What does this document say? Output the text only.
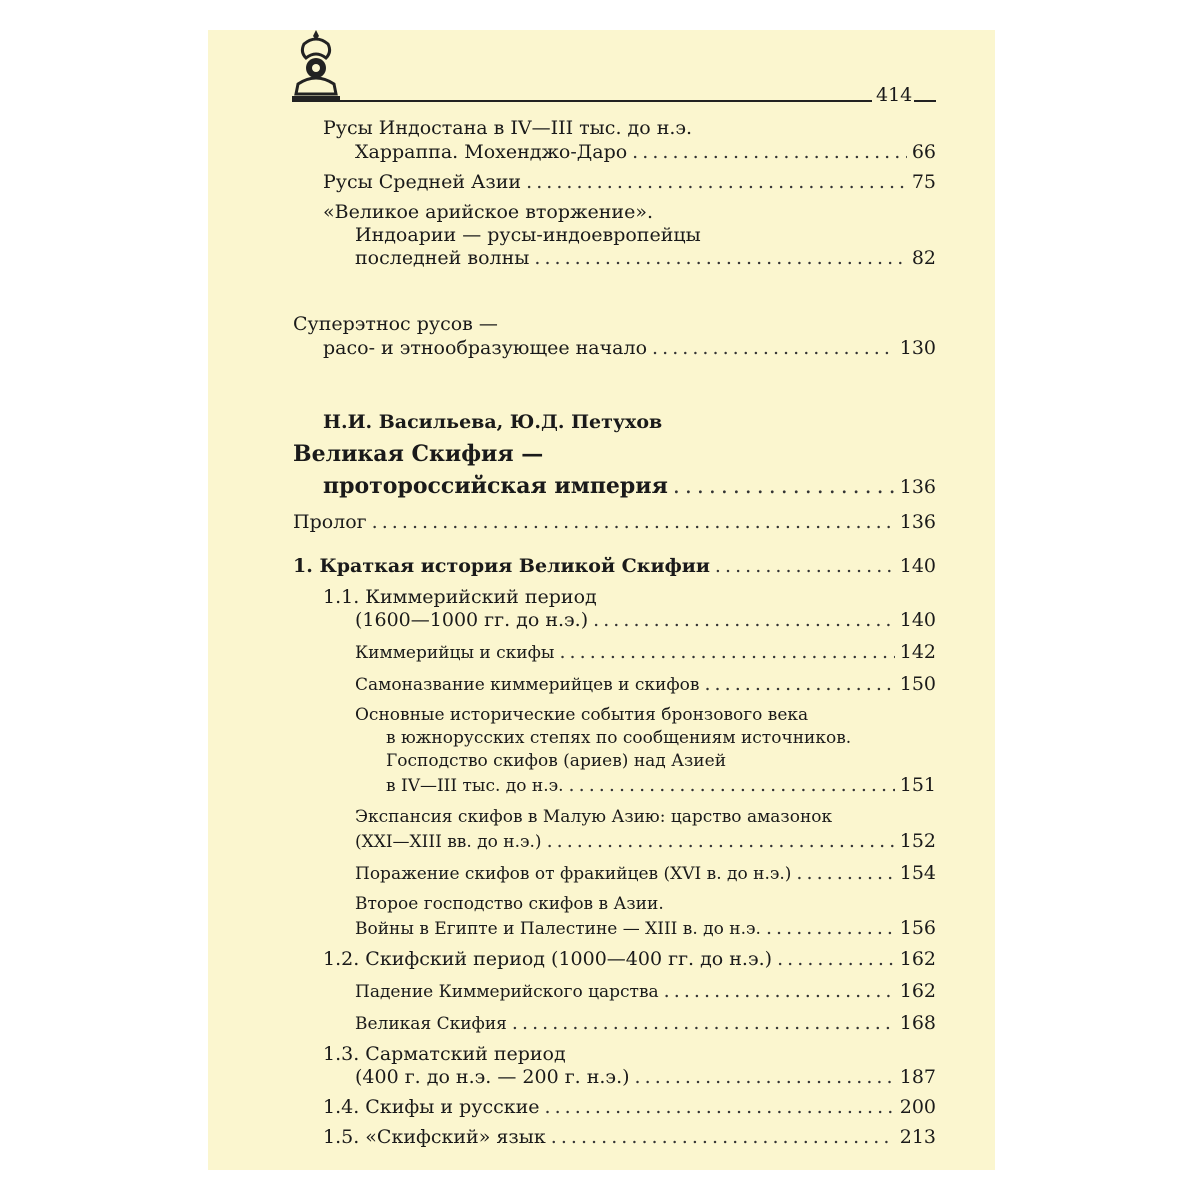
414
Русы Индостана в IV—III тыс. до н.э.
Харраппа. Мохенджо-Даро . . .	66
Русы Средней Азии . . .	75
«Великое арийское вторжение».
Индоарии — русы-индоевропейцы
последней волны . . .	82
Суперэтнос русов —
расо- и этнообразующее начало . . .	130
Н.И. Васильева, Ю.Д. Петухов
Великая Скифия —
протороссийская империя . . .	136
Пролог . . .	136
1. Краткая история Великой Скифии . . .	140
1.1. Киммерийский период
(1600—1000 гг. до н.э.) . . .	140
Киммерийцы и скифы . . .	142
Самоназвание киммерийцев и скифов . . .	150
Основные исторические события бронзового века
в южнорусских степях по сообщениям источников.
Господство скифов (ариев) над Азией
в IV—III тыс. до н.э. . . .	151
Экспансия скифов в Малую Азию: царство амазонок
(XXI—XIII вв. до н.э.) . . .	152
Поражение скифов от фракийцев (XVI в. до н.э.) . . .	154
Второе господство скифов в Азии.
Войны в Египте и Палестине — XIII в. до н.э. . . .	156
1.2. Скифский период (1000—400 гг. до н.э.) . . .	162
Падение Киммерийского царства . . .	162
Великая Скифия . . .	168
1.3. Сарматский период
(400 г. до н.э. — 200 г. н.э.) . . .	187
1.4. Скифы и русские . . .	200
1.5. «Скифский» язык . . .	213
